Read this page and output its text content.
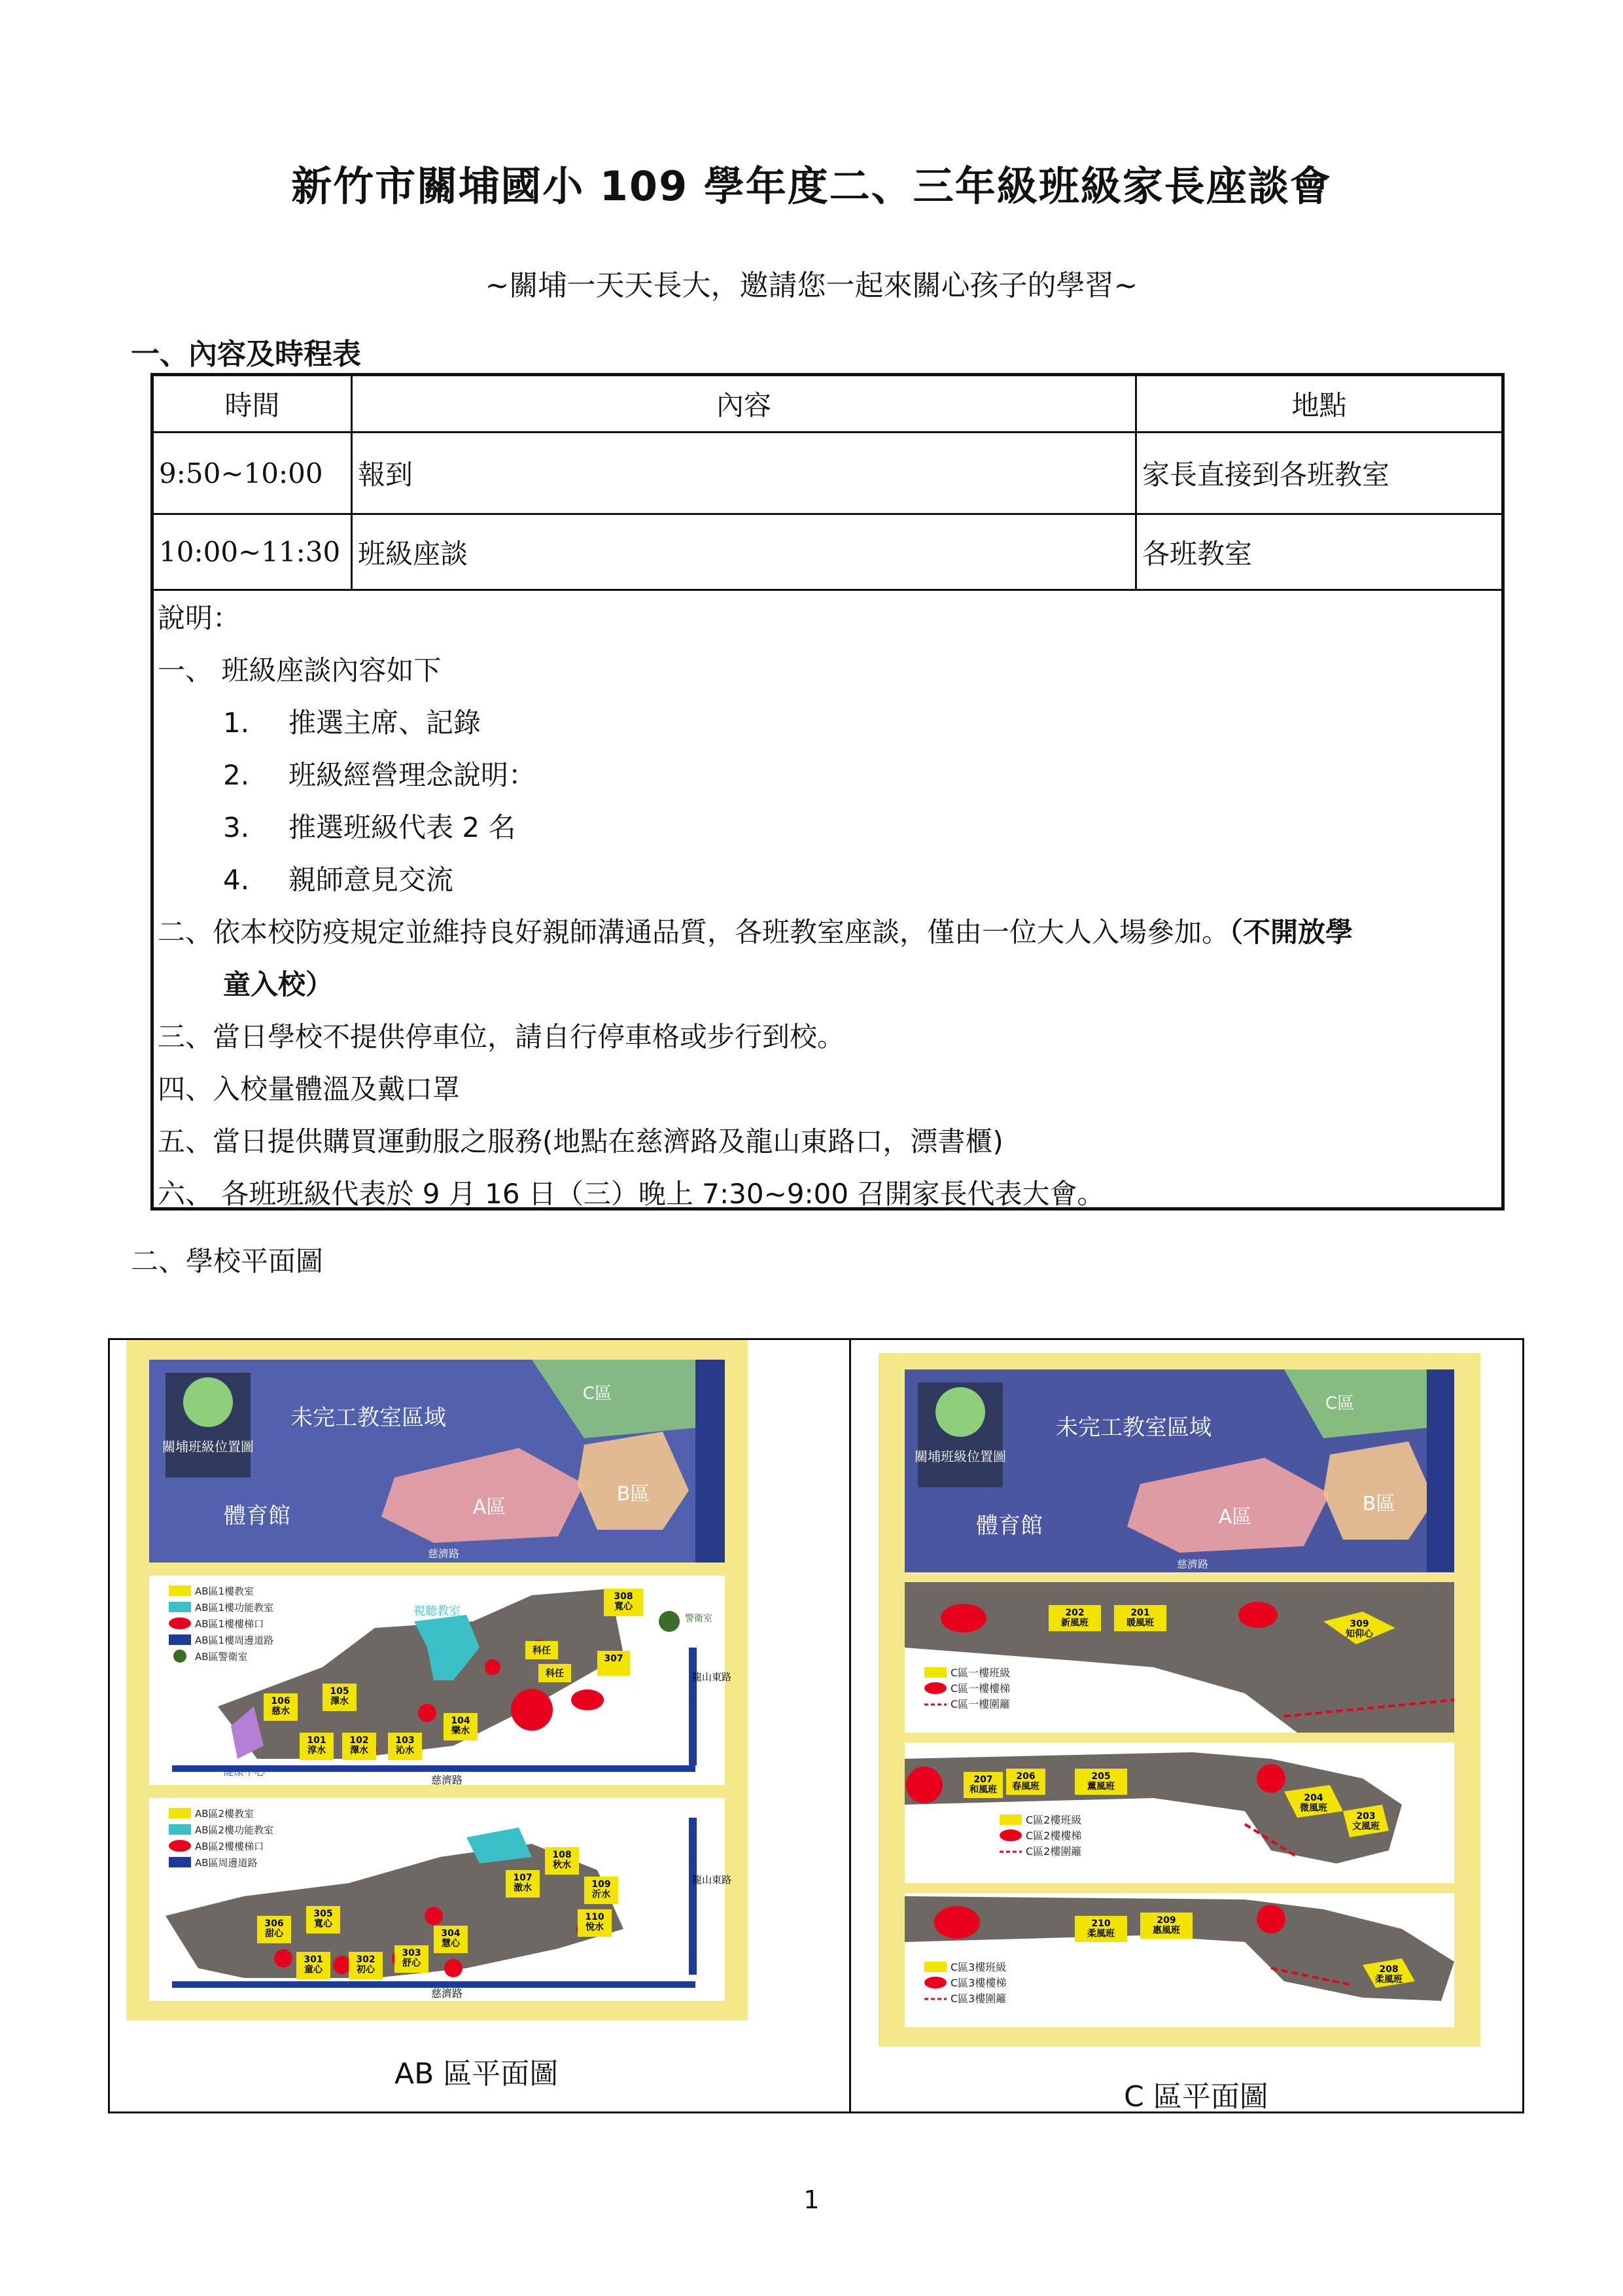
新竹市關埔國小 109 學年度二、三年級班級家長座談會
~關埔一天天長大，邀請您一起來關心孩子的學習~
一、內容及時程表
時間	內容	地點
9:50~10:00	報到	家長直接到各班教室
10:00~11:30	班級座談	各班教室
說明：
一、 班級座談內容如下
1. 推選主席、記錄
2. 班級經營理念說明：
3. 推選班級代表 2 名
4. 親師意見交流
二、依本校防疫規定並維持良好親師溝通品質，各班教室座談，僅由一位大人入場參加。（不開放學
童入校）
三、當日學校不提供停車位，請自行停車格或步行到校。
四、入校量體溫及戴口罩
五、當日提供購買運動服之服務(地點在慈濟路及龍山東路口，漂書櫃)
六、 各班班級代表於 9 月 16 日（三）晚上 7:30~9:00 召開家長代表大會。
二、學校平面圖
關埔班級位置圖
未完工教室區域
體育館	A區
B區
C區
慈濟路
AB區1樓教室
AB區1樓功能教室
AB區1樓樓梯口
AB區1樓周邊道路
AB區警衛室
視聽教室
警衛室
慈濟路
龍山東路
106 慈水
105 澤水
101 淳水
102 澤水
103 沁水
104 樂水
308 寬心
307
科任
科任
AB區2樓教室
AB區2樓功能教室
AB區2樓樓梯口
AB區周邊道路
慈濟路
龍山東路
306 甜心
305 寬心
304 慧心
303 舒心
301 童心
302 初心
108 秋水
107 澈水	109 沂水
110 悅水
AB 區平面圖
關埔班級位置圖
未完工教室區域
體育館	A區
B區
C區
慈濟路
202 新風班
201 暖風班	309 知仰心
C區一樓班級
C區一樓樓梯
C區一樓圍籬
207 和風班
206 春風班
205 薰風班
204 微風班
203 文風班
C區2樓班級
C區2樓樓梯
C區2樓圍籬
210 柔風班
209 惠風班
208 柔風班
C區3樓班級
C區3樓樓梯
C區3樓圍籬
C 區平面圖
1
